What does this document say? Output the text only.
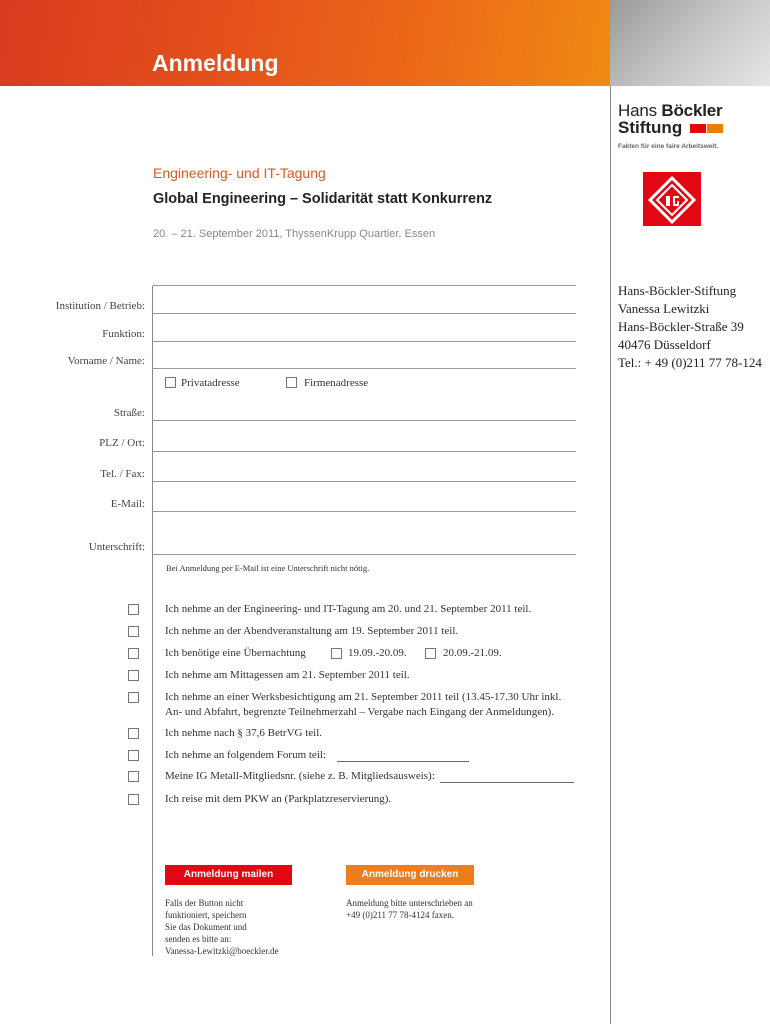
Anmeldung
Hans Böckler
Stiftung
Fakten für eine faire Arbeitswelt.
Engineering- und IT-Tagung
Global Engineering – Solidarität statt Konkurrenz
20. – 21. September 2011, ThyssenKrupp Quartier, Essen
Hans-Böckler-Stiftung
Vanessa Lewitzki
Hans-Böckler-Straße 39
40476 Düsseldorf
Tel.: + 49 (0)211 77 78-124
Institution / Betrieb:
Funktion:
Vorname / Name:
Privatadresse	Firmenadresse
Straße:
PLZ / Ort:
Tel. / Fax:
E-Mail:
Unterschrift:
Bei Anmeldung per E-Mail ist eine Unterschrift nicht nötig.
Ich nehme an der Engineering- und IT-Tagung am 20. und 21. September 2011 teil.
Ich nehme an der Abendveranstaltung am 19. September 2011 teil.
Ich benötige eine Übernachtung	19.09.-20.09.	20.09.-21.09.
Ich nehme am Mittagessen am 21. September 2011 teil.
Ich nehme an einer Werksbesichtigung am 21. September 2011 teil (13.45-17.30 Uhr inkl.
An- und Abfahrt, begrenzte Teilnehmerzahl – Vergabe nach Eingang der Anmeldungen).
Ich nehme nach § 37,6 BetrVG teil.
Ich nehme an folgendem Forum teil:
Meine IG Metall-Mitgliedsnr. (siehe z. B. Mitgliedsausweis):
Ich reise mit dem PKW an (Parkplatzreservierung).
Anmeldung mailen	Anmeldung drucken
Falls der Button nicht
funktioniert, speichern
Sie das Dokument und
senden es bitte an:
Vanessa-Lewitzki@boeckler.de
Anmeldung bitte unterschrieben an
+49 (0)211 77 78-4124 faxen.
